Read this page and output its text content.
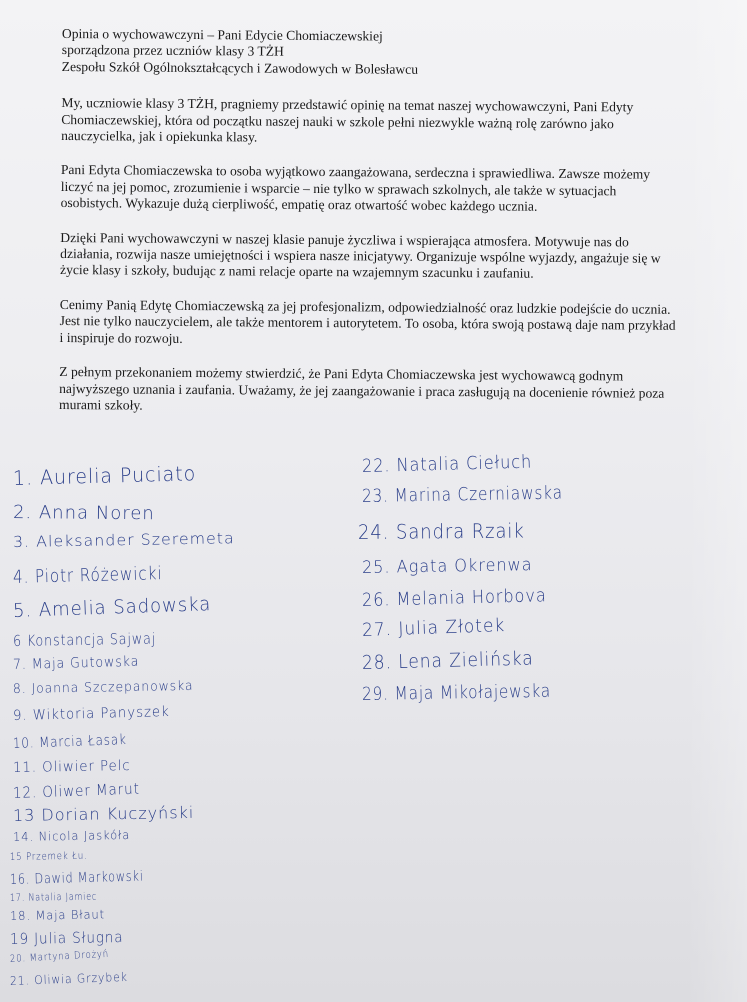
Opinia o wychowawczyni – Pani Edycie Chomiaczewskiej

sporządzona przez uczniów klasy 3 TŻH

Zespołu Szkół Ogólnokształcących i Zawodowych w Bolesławcu

My, uczniowie klasy 3 TŻH, pragniemy przedstawić opinię na temat naszej wychowawczyni, Pani Edyty Chomiaczewskiej, która od początku naszej nauki w szkole pełni niezwykle ważną rolę zarówno jako nauczycielka, jak i opiekunka klasy.

Pani Edyta Chomiaczewska to osoba wyjątkowo zaangażowana, serdeczna i sprawiedliwa. Zawsze możemy liczyć na jej pomoc, zrozumienie i wsparcie – nie tylko w sprawach szkolnych, ale także w sytuacjach osobistych. Wykazuje dużą cierpliwość, empatię oraz otwartość wobec każdego ucznia.

Dzięki Pani wychowawczyni w naszej klasie panuje życzliwa i wspierająca atmosfera. Motywuje nas do działania, rozwija nasze umiejętności i wspiera nasze inicjatywy. Organizuje wspólne wyjazdy, angażuje się w życie klasy i szkoły, budując z nami relacje oparte na wzajemnym szacunku i zaufaniu.

Cenimy Panią Edytę Chomiaczewską za jej profesjonalizm, odpowiedzialność oraz ludzkie podejście do ucznia. Jest nie tylko nauczycielem, ale także mentorem i autorytetem. To osoba, która swoją postawą daje nam przykład i inspiruje do rozwoju.

Z pełnym przekonaniem możemy stwierdzić, że Pani Edyta Chomiaczewska jest wychowawcą godnym najwyższego uznania i zaufania. Uważamy, że jej zaangażowanie i praca zasługują na docenienie również poza murami szkoły.

1. Aurelia Puciato
2. Anna Noren
3. Aleksander Szeremeta
4. Piotr Różewicki
5. Amelia Sadowska
6 Konstancja Sajwaj
7. Maja Gutowska
8. Joanna Szczepanowska
9. Wiktoria Panyszek
10. Marcia Łasak
11. Oliwier Pelc
12. Oliwer Marut
13 Dorian Kuczyński
14. Nicola Jaskóła
15 Przemek Łu.
16. Dawid Markowski
17. Natalia Jamiec
18. Maja Błaut
19 Julia Sługna
20. Martyna Drożyń
21. Oliwia Grzybek
22. Natalia Ciełuch
23. Marina Czerniawska
24. Sandra Rzaik
25. Agata Okrenwa
26. Melania Horbova
27. Julia Złotek
28. Lena Zielińska
29. Maja Mikołajewska
